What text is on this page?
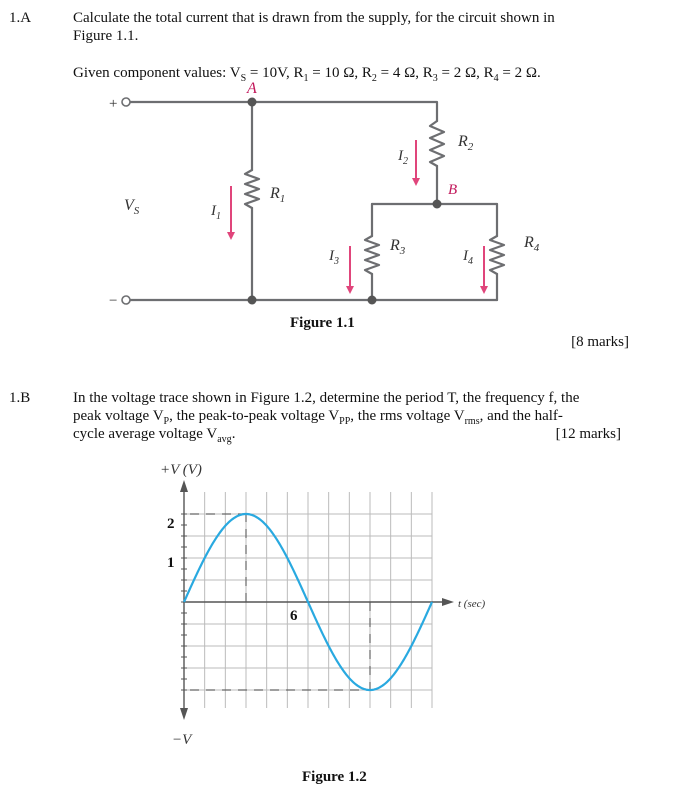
1.A	Calculate the total current that is drawn from the supply, for the circuit shown in
Figure 1.1.
Given component values: $V_S = 10V$, $R_1 = 10$ Ω, $R_2 = 4$ Ω, $R_3 = 2$ Ω, $R_4 = 2$ Ω.
+
−
A
B
$V_S$
$R_1$
$R_2$
$R_3$	$R_4$
$I_1$
$I_2$
$I_3$	$I_4$
Figure 1.1
[8 marks]
1.B	In the voltage trace shown in Figure 1.2, determine the period T, the frequency f, the
peak voltage $V_P$, the peak-to-peak voltage $V_{PP}$, the rms voltage $V_{rms}$, and the half-
cycle average voltage $V_{avg}$.	[12 marks]
+V (V)
−V
t (sec)
2
1
6
Figure 1.2
